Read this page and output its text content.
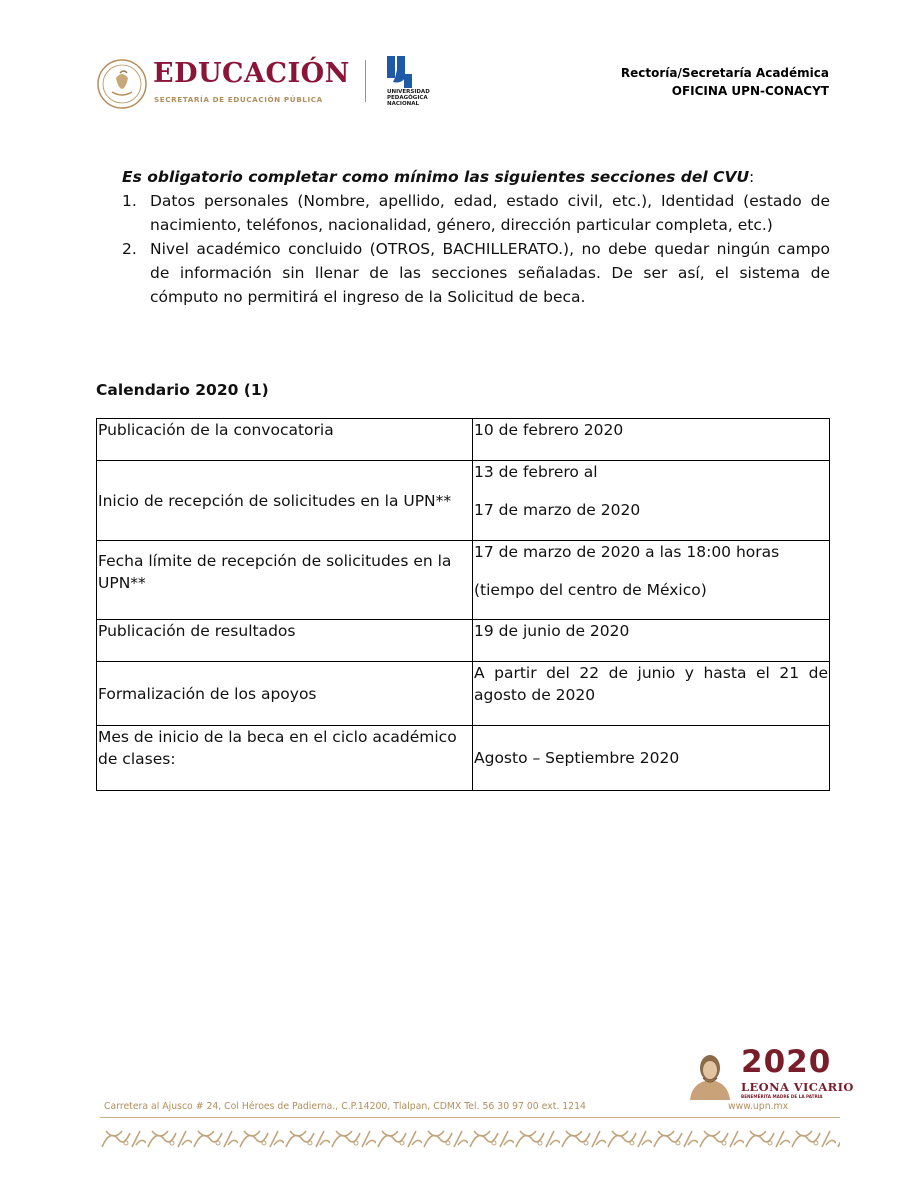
EDUCACIÓN
SECRETARÍA DE EDUCACIÓN PÚBLICA
UNIVERSIDAD
PEDAGÓGICA
NACIONAL
Rectoría/Secretaría Académica
OFICINA UPN-CONACYT
Es obligatorio completar como mínimo las siguientes secciones del CVU:
1. Datos personales (Nombre, apellido, edad, estado civil, etc.), Identidad (estado de nacimiento, teléfonos, nacionalidad, género, dirección particular completa, etc.)
2. Nivel académico concluido (OTROS, BACHILLERATO.), no debe quedar ningún campo de información sin llenar de las secciones señaladas. De ser así, el sistema de cómputo no permitirá el ingreso de la Solicitud de beca.
Calendario 2020 (1)
Publicación de la convocatoria	10 de febrero 2020
Inicio de recepción de solicitudes en la UPN**	13 de febrero al
17 de marzo de 2020
Fecha límite de recepción de solicitudes en la UPN**	17 de marzo de 2020 a las 18:00 horas
(tiempo del centro de México)
Publicación de resultados	19 de junio de 2020
Formalización de los apoyos	A partir del 22 de junio y hasta el 21 de agosto de 2020
Mes de inicio de la beca en el ciclo académico de clases:	Agosto – Septiembre 2020
2020
LEONA VICARIO
BENEMÉRITA MADRE DE LA PATRIA
Carretera al Ajusco # 24, Col Héroes de Padierna., C.P.14200, Tlalpan, CDMX Tel. 56 30 97 00 ext. 1214	www.upn.mx
